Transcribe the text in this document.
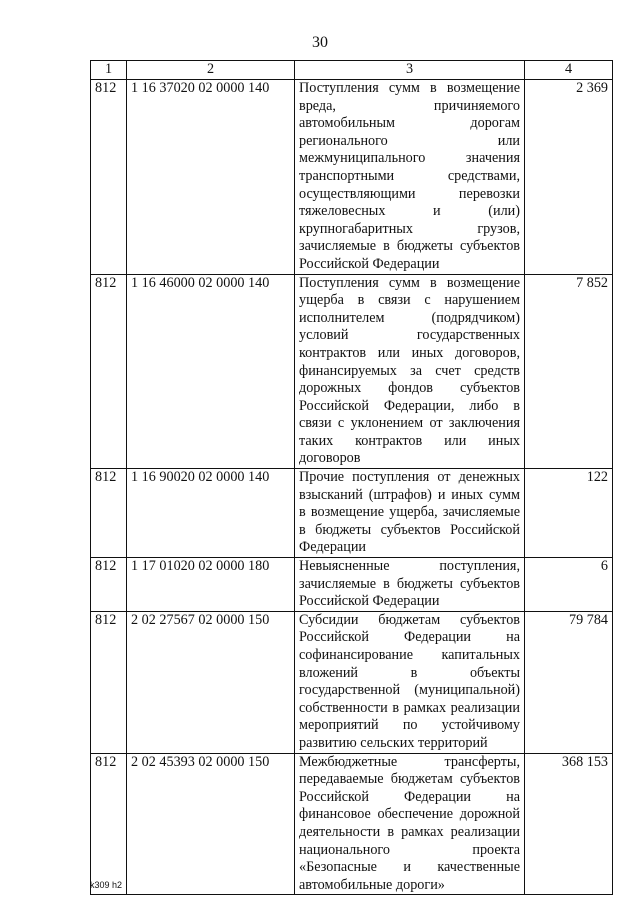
30
1	2	3	4
812	1 16 37020 02 0000 140	Поступления сумм в возмещение вреда, причиняемого автомобильным дорогам регионального или межмуниципального значения транспортными средствами, осуществляющими перевозки тяжеловесных и (или) крупногабаритных грузов, зачисляемые в бюджеты субъектов Российской Федерации	2 369
812	1 16 46000 02 0000 140	Поступления сумм в возмещение ущерба в связи с нарушением исполнителем (подрядчиком) условий государственных контрактов или иных договоров, финансируемых за счет средств дорожных фондов субъектов Российской Федерации, либо в связи с уклонением от заключения таких контрактов или иных договоров	7 852
812	1 16 90020 02 0000 140	Прочие поступления от денежных взысканий (штрафов) и иных сумм в возмещение ущерба, зачисляемые в бюджеты субъектов Российской Федерации	122
812	1 17 01020 02 0000 180	Невыясненные поступления, зачисляемые в бюджеты субъектов Российской Федерации	6
812	2 02 27567 02 0000 150	Субсидии бюджетам субъектов Российской Федерации на софинансирование капитальных вложений в объекты государственной (муниципальной) собственности в рамках реализации мероприятий по устойчивому развитию сельских территорий	79 784
812	2 02 45393 02 0000 150	Межбюджетные трансферты, передаваемые бюджетам субъектов Российской Федерации на финансовое обеспечение дорожной деятельности в рамках реализации национального проекта «Безопасные и качественные автомобильные дороги»	368 153
k309 h2
